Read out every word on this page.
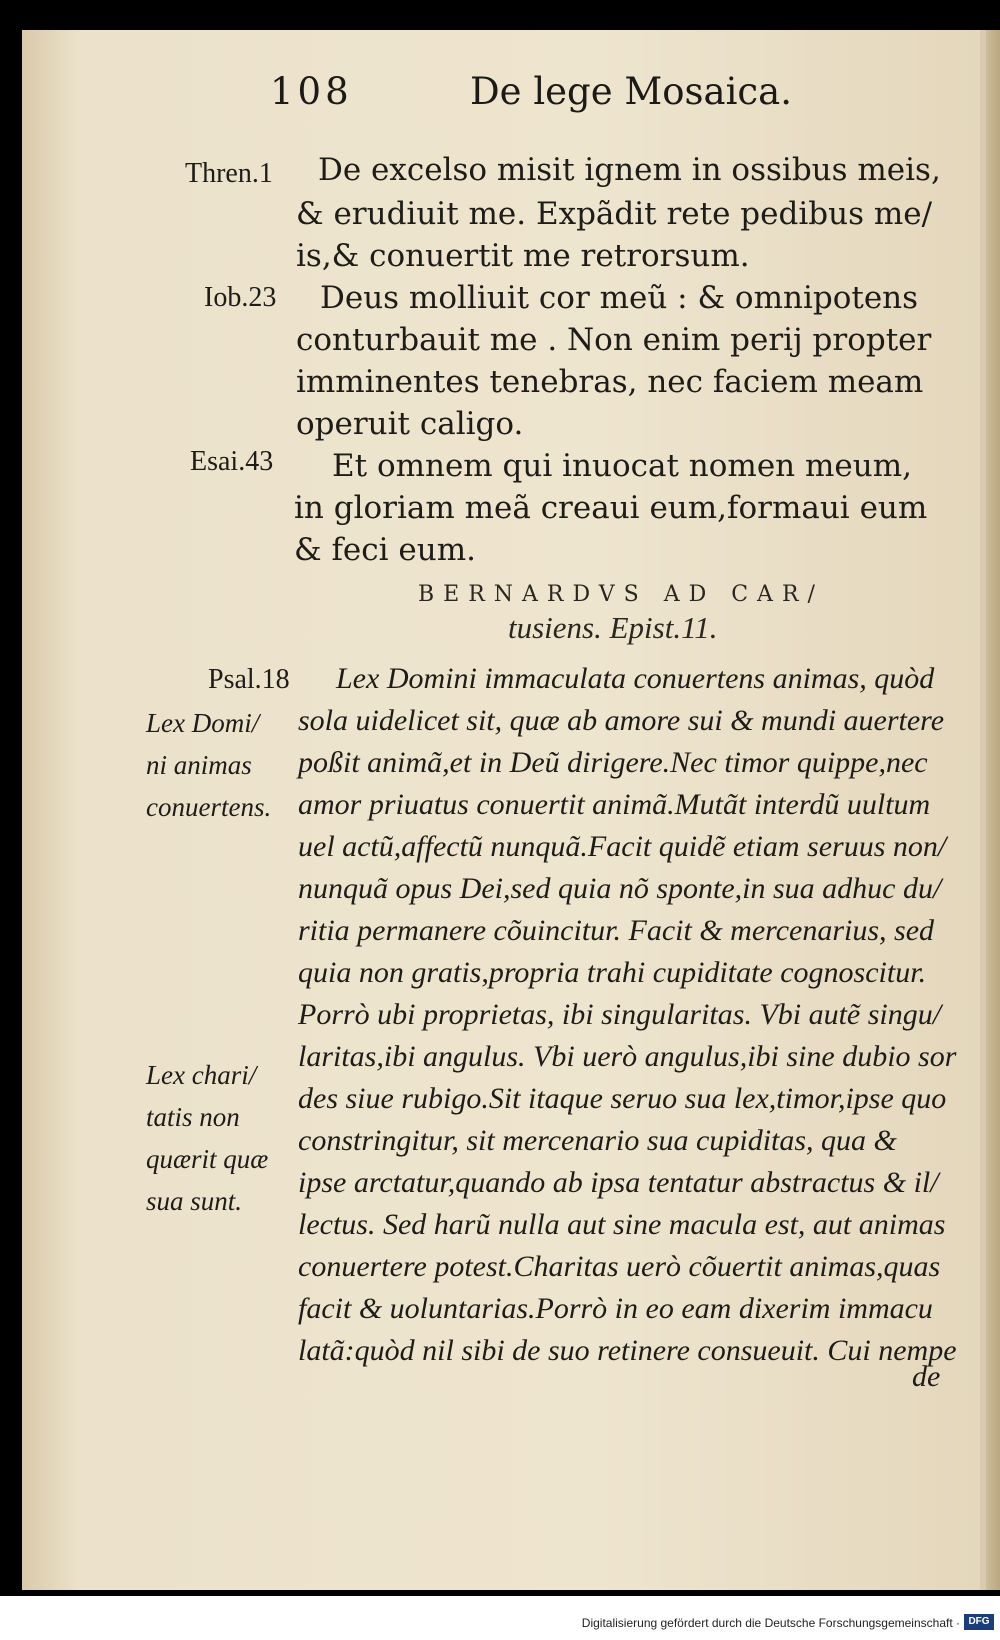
108	De lege Mosaica.
Thren.1
Iob.23
Esai.43
Psal.18
De excelso misit ignem in ossibus meis,
& erudiuit me. Expãdit rete pedibus me/
is,& conuertit me retrorsum.
Deus molliuit cor meũ : & omnipotens
conturbauit me . Non enim perij propter
imminentes tenebras, nec faciem meam
operuit caligo.
Et omnem qui inuocat nomen meum,
in gloriam meã creaui eum,formaui eum
& feci eum.
BERNARDVS AD CAR/
tusiens. Epist.11.
Lex Domini immaculata conuertens animas, quòd
sola uidelicet sit, quæ ab amore sui & mundi auertere
poßit animã,et in Deũ dirigere.Nec timor quippe,nec
amor priuatus conuertit animã.Mutãt interdũ uultum
uel actũ,affectũ nunquã.Facit quidẽ etiam seruus non/
nunquã opus Dei,sed quia nõ sponte,in sua adhuc du/
ritia permanere cõuincitur. Facit & mercenarius, sed
quia non gratis,propria trahi cupiditate cognoscitur.
Porrò ubi proprietas, ibi singularitas. Vbi autẽ singu/
laritas,ibi angulus. Vbi uerò angulus,ibi sine dubio sor
des siue rubigo.Sit itaque seruo sua lex,timor,ipse quo
constringitur, sit mercenario sua cupiditas, qua &
ipse arctatur,quando ab ipsa tentatur abstractus & il/
lectus. Sed harũ nulla aut sine macula est, aut animas
conuertere potest.Charitas uerò cõuertit animas,quas
facit & uoluntarias.Porrò in eo eam dixerim immacu
latã:quòd nil sibi de suo retinere consueuit. Cui nempe
de
Lex Domi/
ni animas
conuertens.
Lex chari/
tatis non
quærit quæ
sua sunt.
Digitalisierung gefördert durch die Deutsche Forschungsgemeinschaft · DFG
